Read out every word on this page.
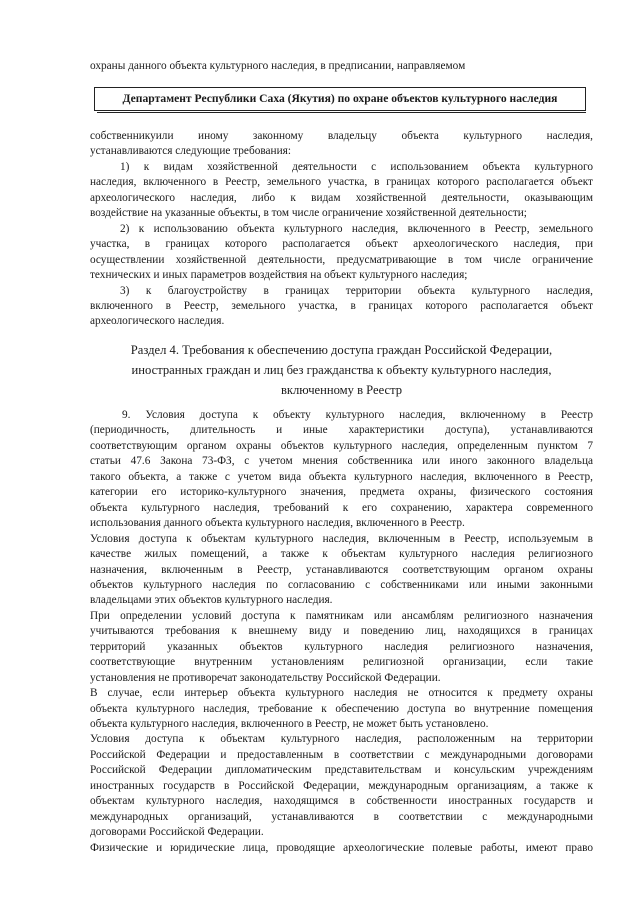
охраны данного объекта культурного наследия, в предписании, направляемом
Департамент Республики Саха (Якутия) по охране объектов культурного наследия
собственникуили иному законному владельцу объекта культурного наследия,
устанавливаются следующие требования:
1) к видам хозяйственной деятельности с использованием объекта культурного
наследия, включенного в Реестр, земельного участка, в границах которого располагается объект
археологического наследия, либо к видам хозяйственной деятельности, оказывающим
воздействие на указанные объекты, в том числе ограничение хозяйственной деятельности;
2) к использованию объекта культурного наследия, включенного в Реестр, земельного
участка, в границах которого располагается объект археологического наследия, при
осуществлении хозяйственной деятельности, предусматривающие в том числе ограничение
технических и иных параметров воздействия на объект культурного наследия;
3) к благоустройству в границах территории объекта культурного наследия,
включенного в Реестр, земельного участка, в границах которого располагается объект
археологического наследия.
Раздел 4. Требования к обеспечению доступа граждан Российской Федерации,
иностранных граждан и лиц без гражданства к объекту культурного наследия,
включенному в Реестр
9. Условия доступа к объекту культурного наследия, включенному в Реестр
(периодичность, длительность и иные характеристики доступа), устанавливаются
соответствующим органом охраны объектов культурного наследия, определенным пунктом 7
статьи 47.6 Закона 73-ФЗ, с учетом мнения собственника или иного законного владельца
такого объекта, а также с учетом вида объекта культурного наследия, включенного в Реестр,
категории его историко-культурного значения, предмета охраны, физического состояния
объекта культурного наследия, требований к его сохранению, характера современного
использования данного объекта культурного наследия, включенного в Реестр.
Условия доступа к объектам культурного наследия, включенным в Реестр, используемым в
качестве жилых помещений, а также к объектам культурного наследия религиозного
назначения, включенным в Реестр, устанавливаются соответствующим органом охраны
объектов культурного наследия по согласованию с собственниками или иными законными
владельцами этих объектов культурного наследия.
При определении условий доступа к памятникам или ансамблям религиозного назначения
учитываются требования к внешнему виду и поведению лиц, находящихся в границах
территорий указанных объектов культурного наследия религиозного назначения,
соответствующие внутренним установлениям религиозной организации, если такие
установления не противоречат законодательству Российской Федерации.
В случае, если интерьер объекта культурного наследия не относится к предмету охраны
объекта культурного наследия, требование к обеспечению доступа во внутренние помещения
объекта культурного наследия, включенного в Реестр, не может быть установлено.
Условия доступа к объектам культурного наследия, расположенным на территории
Российской Федерации и предоставленным в соответствии с международными договорами
Российской Федерации дипломатическим представительствам и консульским учреждениям
иностранных государств в Российской Федерации, международным организациям, а также к
объектам культурного наследия, находящимся в собственности иностранных государств и
международных организаций, устанавливаются в соответствии с международными
договорами Российской Федерации.
Физические и юридические лица, проводящие археологические полевые работы, имеют право
